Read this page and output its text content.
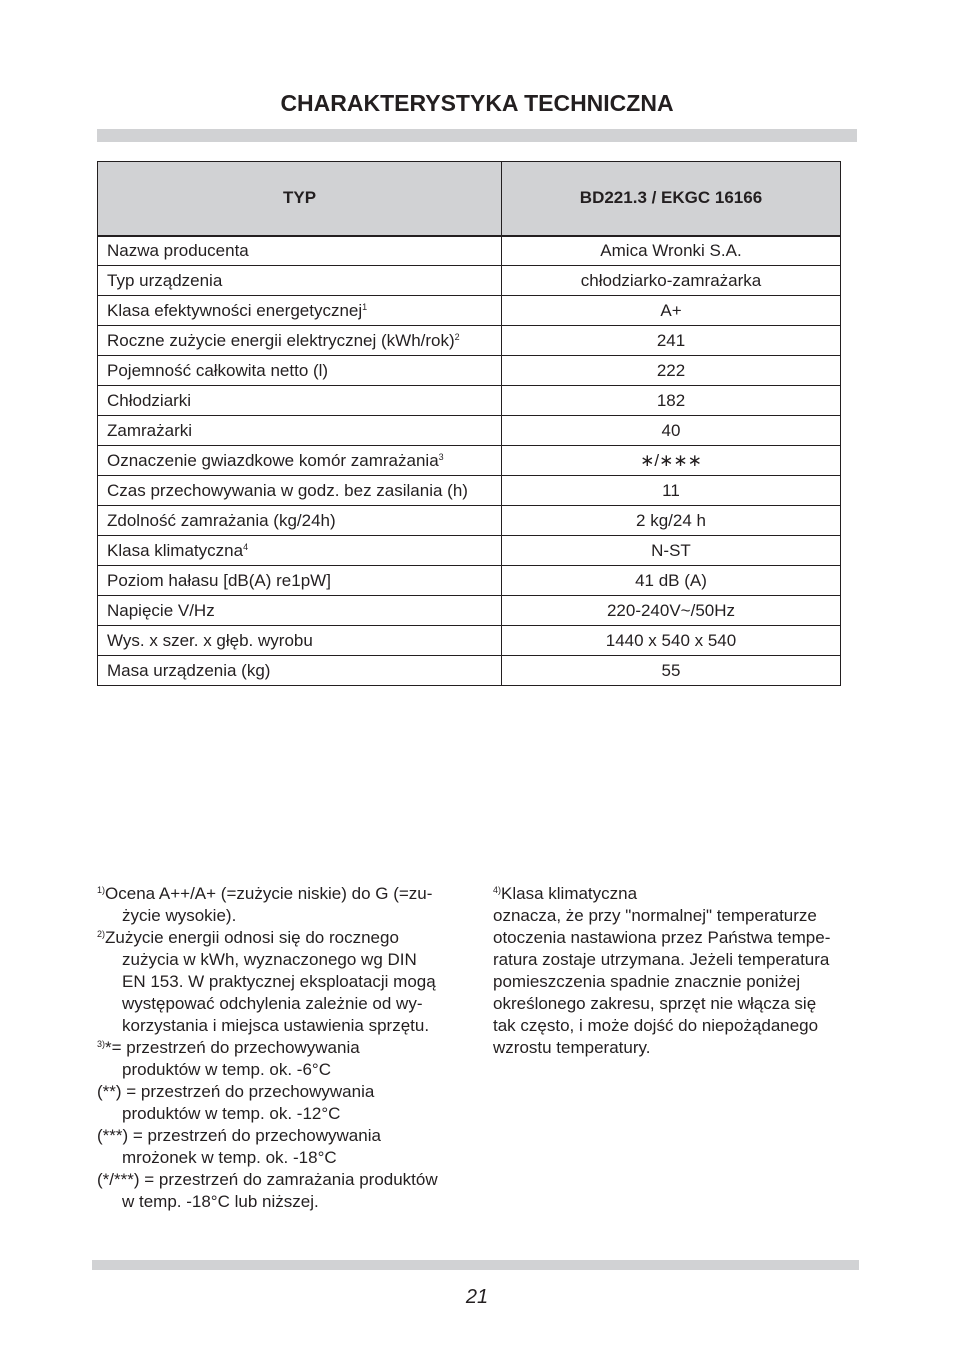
CHARAKTERYSTYKA TECHNICZNA
TYP	BD221.3 / EKGC 16166
Nazwa producenta	Amica Wronki S.A.
Typ urządzenia	chłodziarko-zamrażarka
Klasa efektywności energetycznej$^1$	A+
Roczne zużycie energii elektrycznej $(kWh/rok)^2$	241
Pojemność całkowita netto (l)	222
Chłodziarki	182
Zamrażarki	40
Oznaczenie gwiazdkowe komór zamrażania$^3$	∗/∗∗∗
Czas przechowywania w godz. bez zasilania (h)	11
Zdolność zamrażania (kg/24h)	2 kg/24 h
Klasa klimatyczna$^4$	N-ST
Poziom hałasu [dB(A) re1pW]	41 dB (A)
Napięcie V/Hz	220-240V~/50Hz
Wys. x szer. x głęb. wyrobu	1440 x 540 x 540
Masa urządzenia (kg)	55
$^{1)}$Ocena A++/A+ (=zużycie niskie) do G (=zu-
życie wysokie).
$^{2)}$Zużycie energii odnosi się do rocznego
zużycia w kWh, wyznaczonego wg DIN
EN 153. W praktycznej eksploatacji mogą
występować odchylenia zależnie od wy-
korzystania i miejsca ustawienia sprzętu.
$^{3)}$*= przestrzeń do przechowywania
produktów w temp. ok. -6°C
(**) = przestrzeń do przechowywania
produktów w temp. ok. -12°C
(***) = przestrzeń do przechowywania
mrożonek w temp. ok. -18°C
(*/***) = przestrzeń do zamrażania produktów
w temp. -18°C lub niższej.
$^{4)}$Klasa klimatyczna
oznacza, że przy "normalnej" temperaturze
otoczenia nastawiona przez Państwa tempe-
ratura zostaje utrzymana. Jeżeli temperatura
pomieszczenia spadnie znacznie poniżej
określonego zakresu, sprzęt nie włącza się
tak często, i może dojść do niepożądanego
wzrostu temperatury.
21
